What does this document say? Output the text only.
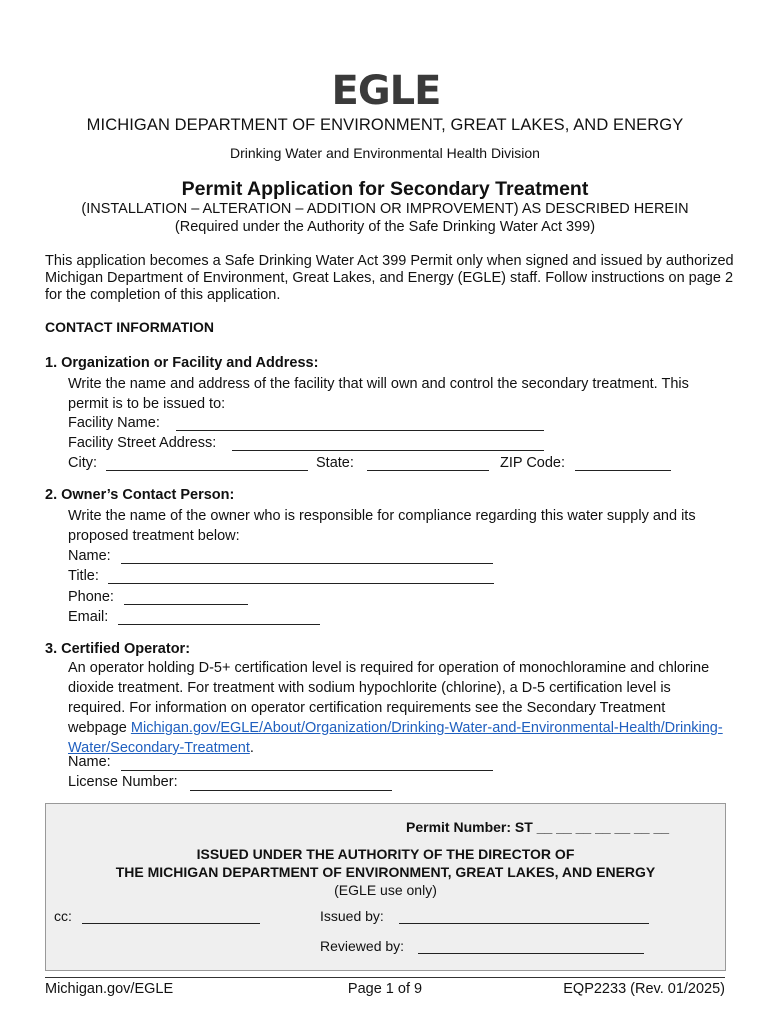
EGLE
MICHIGAN DEPARTMENT OF ENVIRONMENT, GREAT LAKES, AND ENERGY
Drinking Water and Environmental Health Division
Permit Application for Secondary Treatment
(INSTALLATION – ALTERATION – ADDITION OR IMPROVEMENT) AS DESCRIBED HEREIN
(Required under the Authority of the Safe Drinking Water Act 399)
This application becomes a Safe Drinking Water Act 399 Permit only when signed and issued by authorized Michigan Department of Environment, Great Lakes, and Energy (EGLE) staff. Follow instructions on page 2 for the completion of this application.
CONTACT INFORMATION
1. Organization or Facility and Address:
Write the name and address of the facility that will own and control the secondary treatment. This permit is to be issued to:
Facility Name:
Facility Street Address:
City:	State:	ZIP Code:
2. Owner’s Contact Person:
Write the name of the owner who is responsible for compliance regarding this water supply and its proposed treatment below:
Name:
Title:
Phone:
Email:
3. Certified Operator:
An operator holding D-5+ certification level is required for operation of monochloramine and chlorine dioxide treatment. For treatment with sodium hypochlorite (chlorine), a D-5 certification level is required. For information on operator certification requirements see the Secondary Treatment webpage Michigan.gov/EGLE/About/Organization/Drinking-Water-and-Environmental-Health/Drinking-Water/Secondary-Treatment.
Name:
License Number:
Permit Number: ST __ __ __ __ __ __ __
ISSUED UNDER THE AUTHORITY OF THE DIRECTOR OF
THE MICHIGAN DEPARTMENT OF ENVIRONMENT, GREAT LAKES, AND ENERGY
(EGLE use only)
cc:	Issued by:
Reviewed by:
Michigan.gov/EGLE	Page 1 of 9	EQP2233 (Rev. 01/2025)
